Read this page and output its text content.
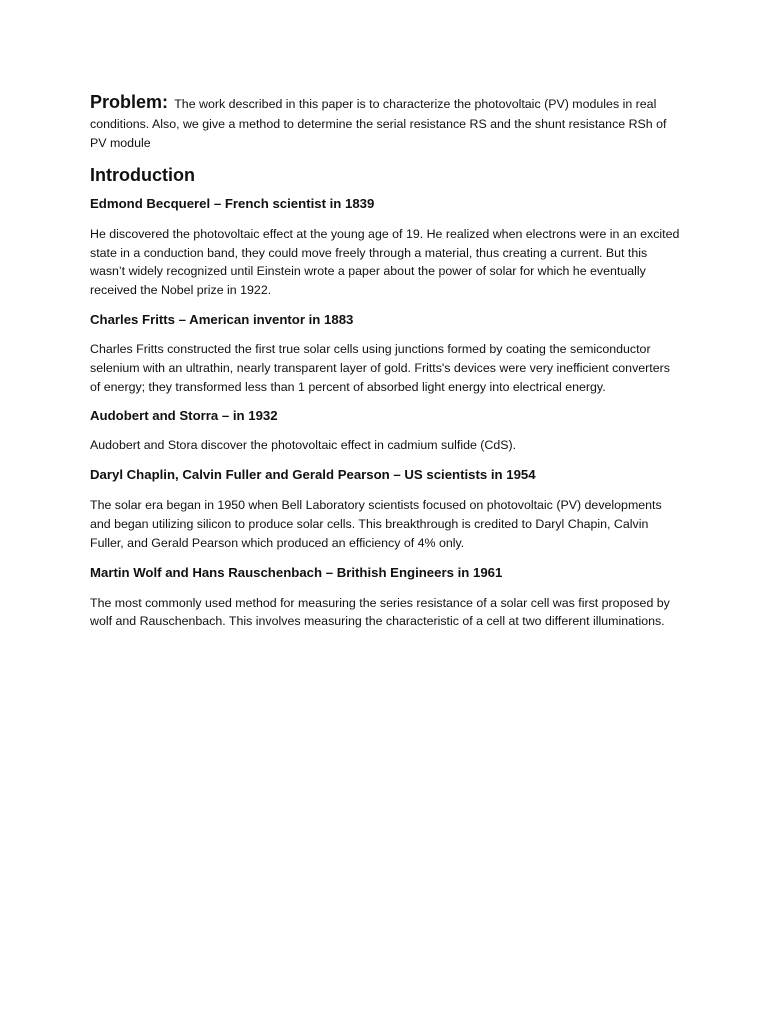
Problem: The work described in this paper is to characterize the photovoltaic (PV) modules in real conditions. Also, we give a method to determine the serial resistance RS and the shunt resistance RSh of PV module

Introduction
Edmond Becquerel – French scientist in 1839

He discovered the photovoltaic effect at the young age of 19. He realized when electrons were in an excited state in a conduction band, they could move freely through a material, thus creating a current. But this wasn’t widely recognized until Einstein wrote a paper about the power of solar for which he eventually received the Nobel prize in 1922.

Charles Fritts – American inventor in 1883

Charles Fritts constructed the first true solar cells using junctions formed by coating the semiconductor selenium with an ultrathin, nearly transparent layer of gold. Fritts's devices were very inefficient converters of energy; they transformed less than 1 percent of absorbed light energy into electrical energy.

Audobert and Storra – in 1932

Audobert and Stora discover the photovoltaic effect in cadmium sulfide (CdS).

Daryl Chaplin, Calvin Fuller and Gerald Pearson – US scientists in 1954

The solar era began in 1950 when Bell Laboratory scientists focused on photovoltaic (PV) developments and began utilizing silicon to produce solar cells. This breakthrough is credited to Daryl Chapin, Calvin Fuller, and Gerald Pearson which produced an efficiency of 4% only.

Martin Wolf and Hans Rauschenbach – Brithish Engineers in 1961

The most commonly used method for measuring the series resistance of a solar cell was first proposed by wolf and Rauschenbach. This involves measuring the characteristic of a cell at two different illuminations.
